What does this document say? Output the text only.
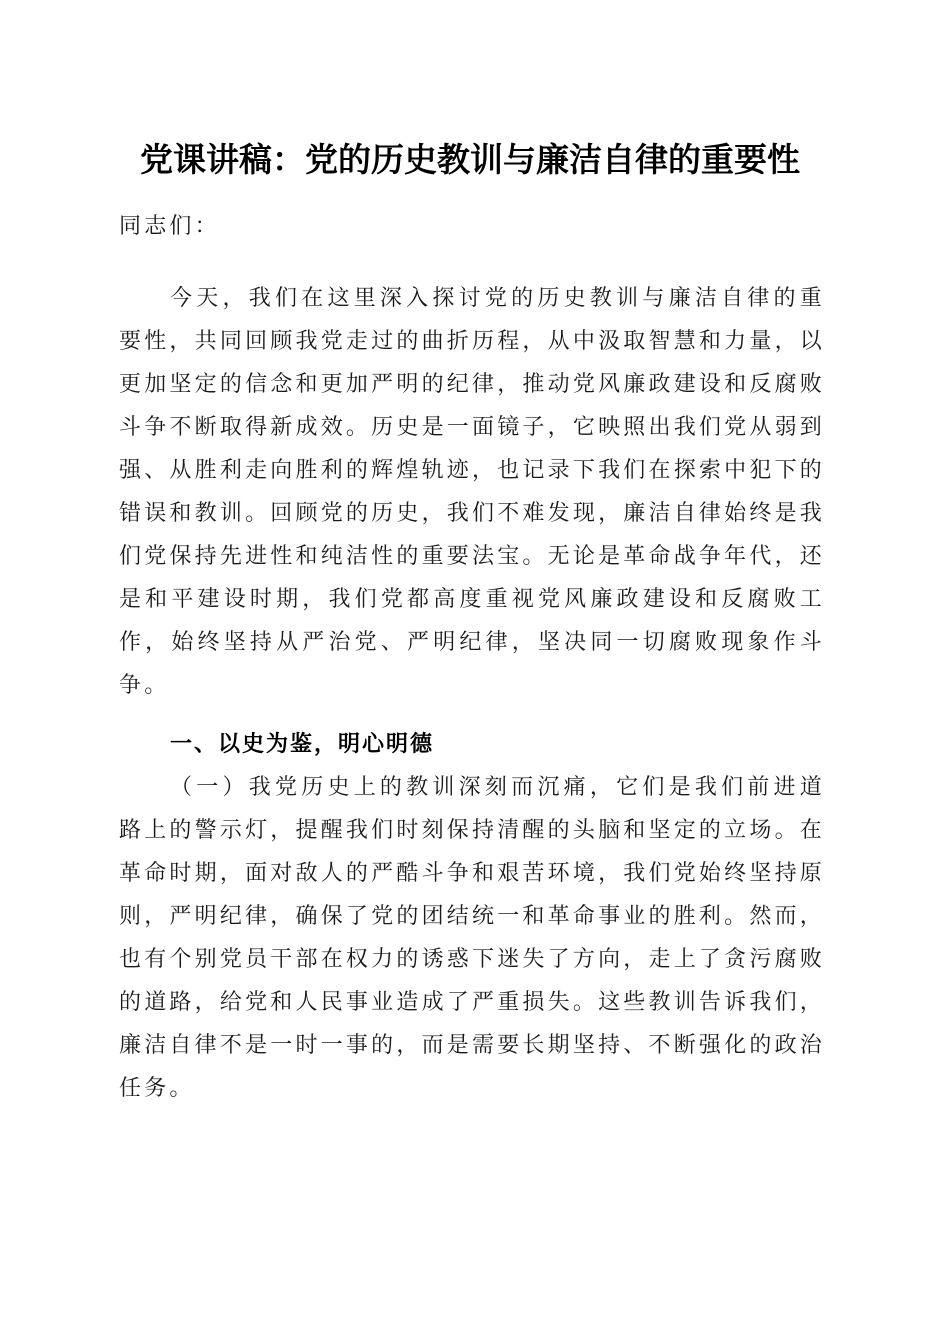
党课讲稿：党的历史教训与廉洁自律的重要性
同志们：
今天，我们在这里深入探讨党的历史教训与廉洁自律的重要性，共同回顾我党走过的曲折历程，从中汲取智慧和力量，以更加坚定的信念和更加严明的纪律，推动党风廉政建设和反腐败斗争不断取得新成效。历史是一面镜子，它映照出我们党从弱到强、从胜利走向胜利的辉煌轨迹，也记录下我们在探索中犯下的错误和教训。回顾党的历史，我们不难发现，廉洁自律始终是我们党保持先进性和纯洁性的重要法宝。无论是革命战争年代，还是和平建设时期，我们党都高度重视党风廉政建设和反腐败工作，始终坚持从严治党、严明纪律，坚决同一切腐败现象作斗争。
一、以史为鉴，明心明德
（一）我党历史上的教训深刻而沉痛，它们是我们前进道路上的警示灯，提醒我们时刻保持清醒的头脑和坚定的立场。在革命时期，面对敌人的严酷斗争和艰苦环境，我们党始终坚持原则，严明纪律，确保了党的团结统一和革命事业的胜利。然而，也有个别党员干部在权力的诱惑下迷失了方向，走上了贪污腐败的道路，给党和人民事业造成了严重损失。这些教训告诉我们，廉洁自律不是一时一事的，而是需要长期坚持、不断强化的政治任务。
